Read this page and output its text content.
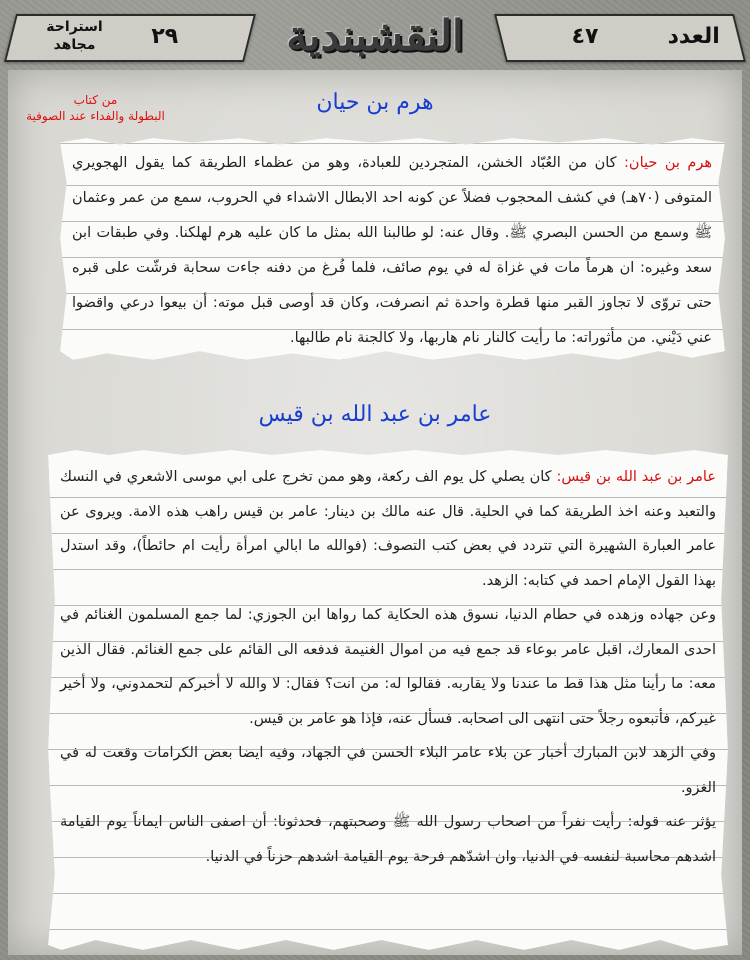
العدد
٤٧
النقشبندية
٢٩
استراحة
مجاهد
من كتاب
البطولة والفداء عند الصوفية
هرم بن حيان
هرم بن حيان: كان من العُبّاد الخشن، المتجردين للعبادة، وهو من عظماء الطريقة كما يقول الهجويري المتوفى (٧٠هـ) في كشف المحجوب فضلاً عن كونه احد الابطال الاشداء في الحروب، سمع من عمر وعثمان ﷺ وسمع من الحسن البصري ﷺ. وقال عنه: لو طالبنا الله بمثل ما كان عليه هرم لهلكنا. وفي طبقات ابن سعد وغيره: ان هرماً مات في غزاة له في يوم صائف، فلما فُرغ من دفنه جاءت سحابة فرشّت على قبره حتى تروّى لا تجاوز القبر منها قطرة واحدة ثم انصرفت، وكان قد أوصى قبل موته: أن بيعوا درعي واقضوا عني دَيْني. من مأثوراته: ما رأيت كالنار نام هاربها، ولا كالجنة نام طالبها.
عامر بن عبد الله بن قيس

عامر بن عبد الله بن قيس: كان يصلي كل يوم الف ركعة، وهو ممن تخرج على ابي موسى الاشعري في النسك والتعبد وعنه اخذ الطريقة كما في الحلية. قال عنه مالك بن دينار: عامر بن قيس راهب هذه الامة. ويروى عن عامر العبارة الشهيرة التي تتردد في بعض كتب التصوف: (فوالله ما ابالي امرأة رأيت ام حائطاً)، وقد استدل بهذا القول الإمام احمد في كتابه: الزهد.

وعن جهاده وزهده في حطام الدنيا، نسوق هذه الحكاية كما رواها ابن الجوزي: لما جمع المسلمون الغنائم في احدى المعارك، اقبل عامر بوعاء قد جمع فيه من اموال الغنيمة فدفعه الى القائم على جمع الغنائم. فقال الذين معه: ما رأينا مثل هذا قط ما عندنا ولا يقاربه. فقالوا له: من انت؟ فقال: لا والله لا أخبركم لتحمدوني، ولا أخير غيركم، فأتبعوه رجلاً حتى انتهى الى اصحابه. فسأل عنه، فإذا هو عامر بن قيس.

وفي الزهد لابن المبارك أخبار عن بلاء عامر البلاء الحسن في الجهاد، وفيه ايضا بعض الكرامات وقعت له في الغزو.

يؤثر عنه قوله: رأيت نفراً من اصحاب رسول الله ﷺ وصحبتهم، فحدثونا: أن اصفى الناس ايماناً يوم القيامة اشدهم محاسبة لنفسه في الدنيا، وان اشدّهم فرحة يوم القيامة اشدهم حزناً في الدنيا.
